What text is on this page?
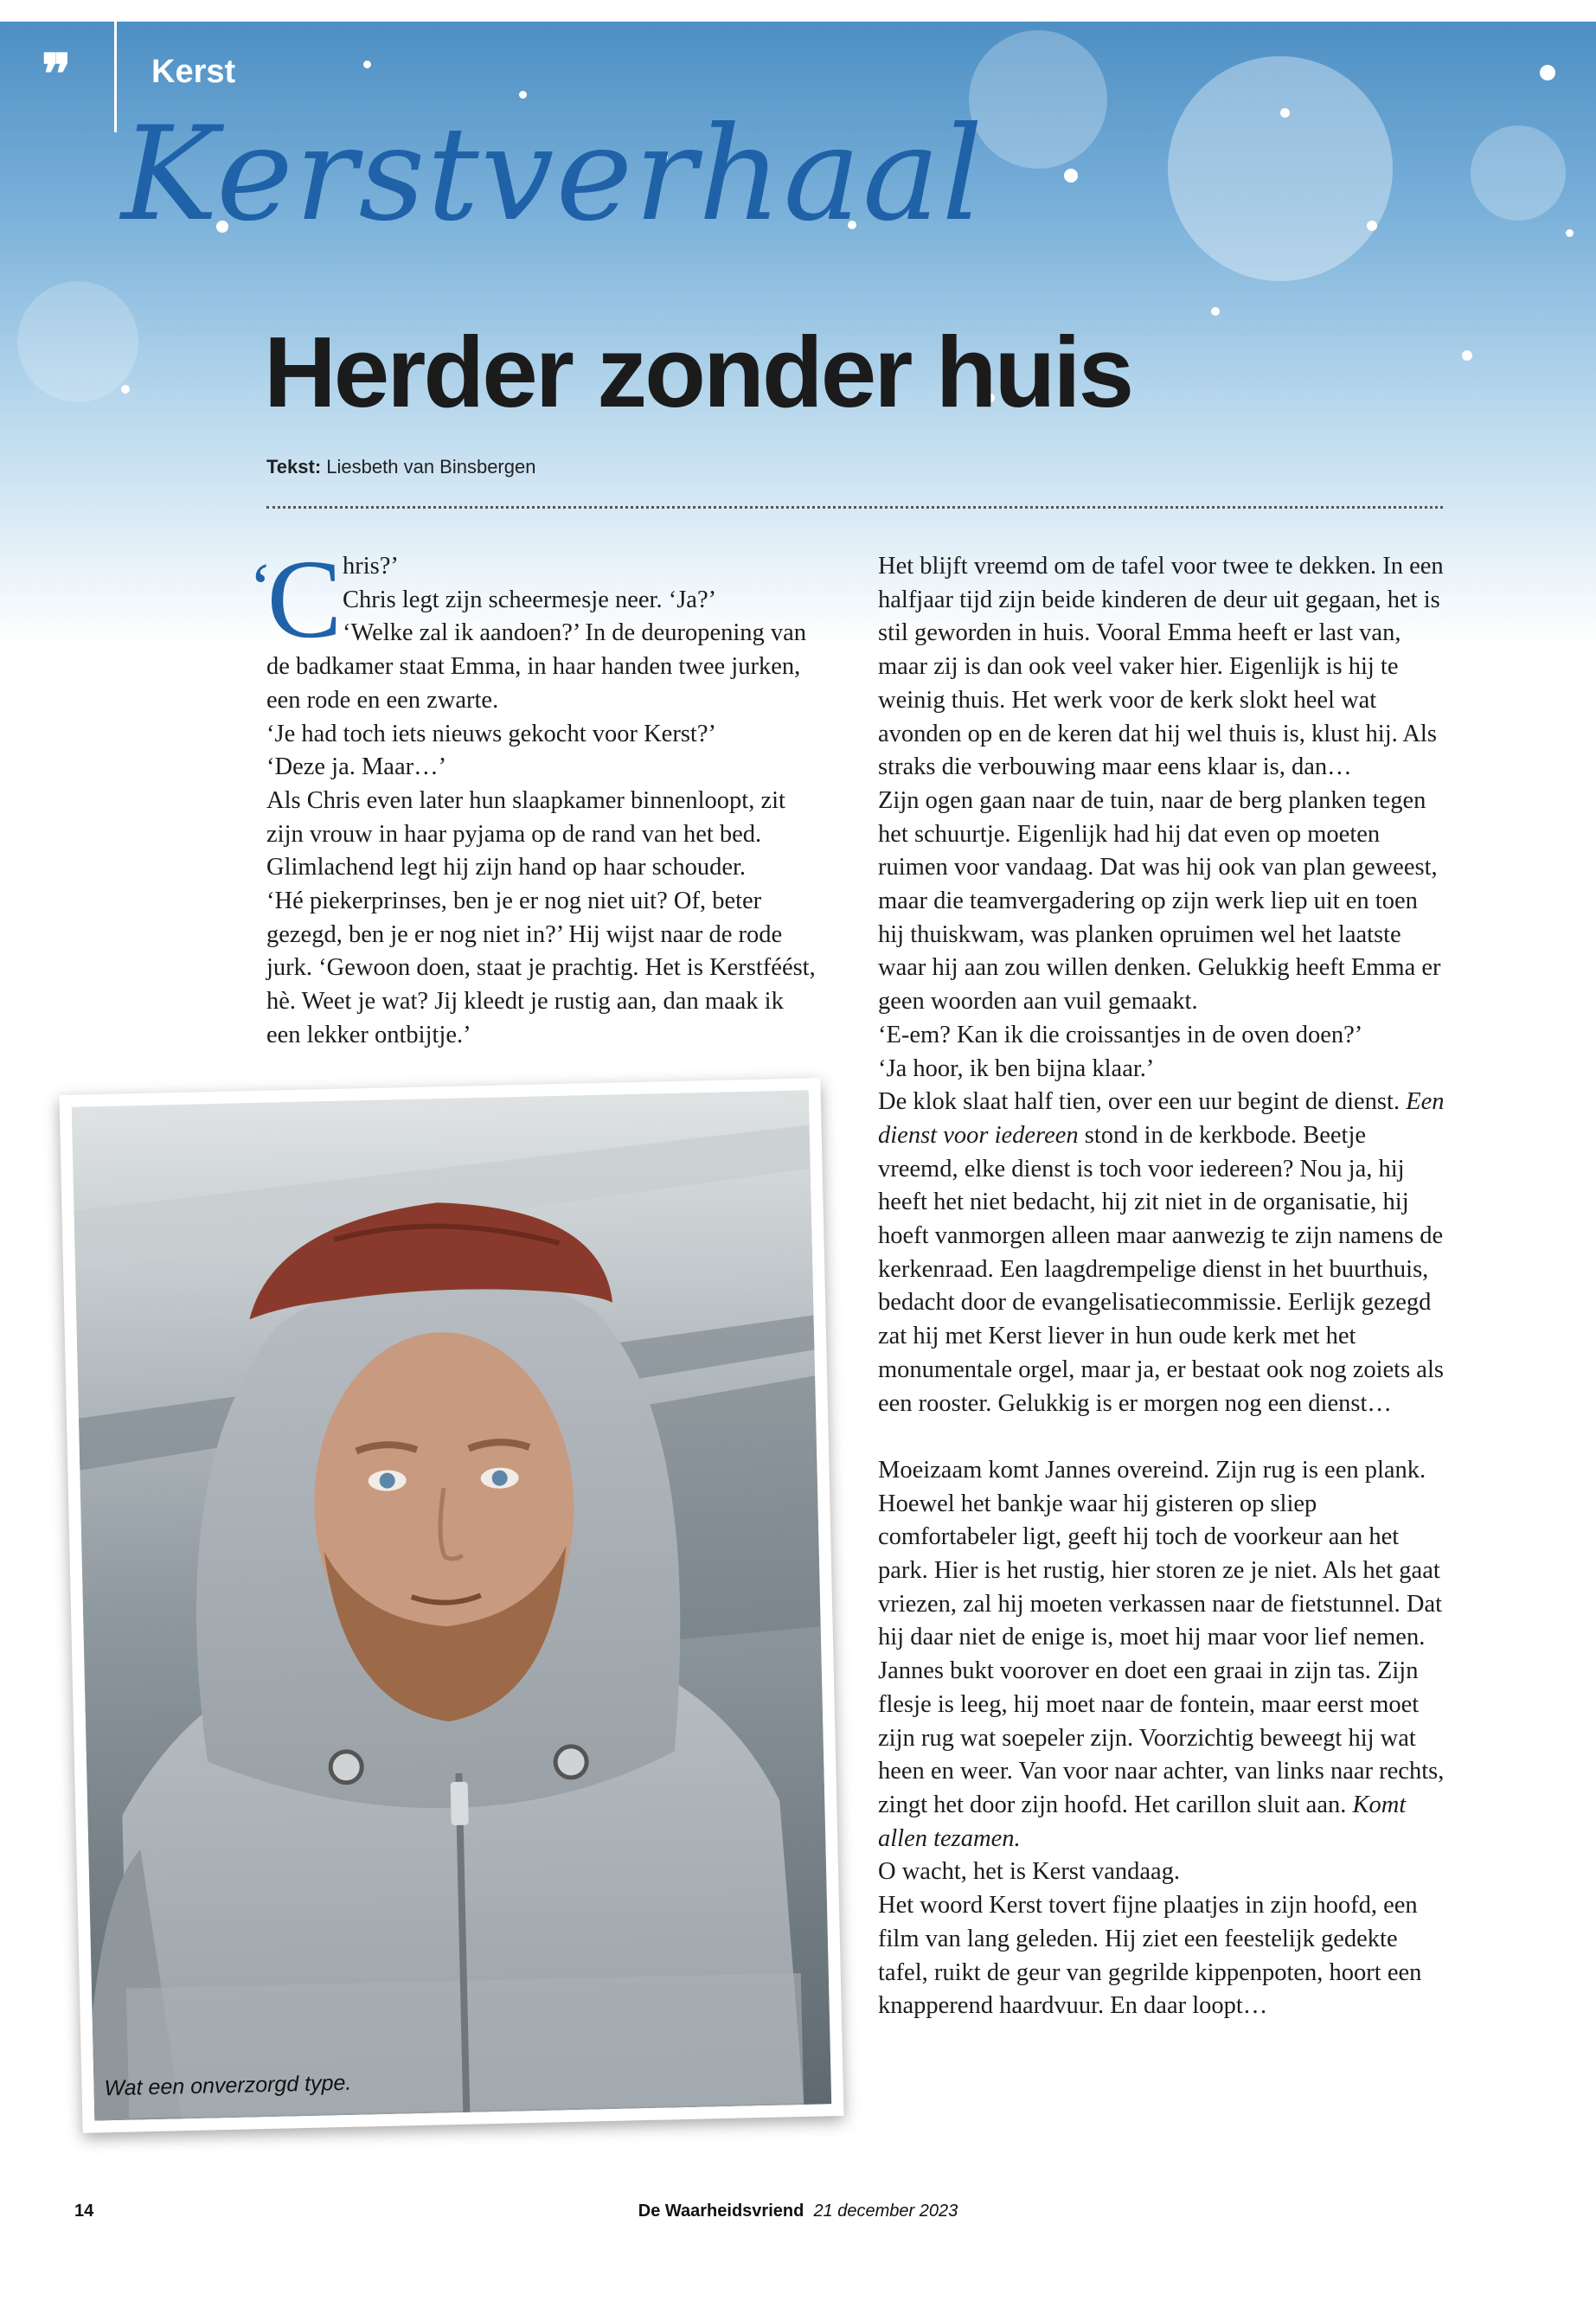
❞ Kerst
Kerstverhaal
Herder zonder huis
Tekst: Liesbeth van Binsbergen
‘C hris?’

Chris legt zijn scheermesje neer. ‘Ja?’

‘Welke zal ik aandoen?’ In de deuropening van de badkamer staat Emma, in haar handen twee jurken, een rode en een zwarte.

‘Je had toch iets nieuws gekocht voor Kerst?’

‘Deze ja. Maar…’

Als Chris even later hun slaapkamer binnenloopt, zit zijn vrouw in haar pyjama op de rand van het bed. Glimlachend legt hij zijn hand op haar schouder.

‘Hé piekerprinses, ben je er nog niet uit? Of, beter gezegd, ben je er nog niet in?’ Hij wijst naar de rode jurk. ‘Gewoon doen, staat je prachtig. Het is Kerstféést, hè. Weet je wat? Jij kleedt je rustig aan, dan maak ik een lekker ontbijtje.’

Het blijft vreemd om de tafel voor twee te dekken. In een halfjaar tijd zijn beide kinderen de deur uit gegaan, het is stil geworden in huis. Vooral Emma heeft er last van, maar zij is dan ook veel vaker hier. Eigenlijk is hij te weinig thuis. Het werk voor de kerk slokt heel wat avonden op en de keren dat hij wel thuis is, klust hij. Als straks die verbouwing maar eens klaar is, dan…

Zijn ogen gaan naar de tuin, naar de berg planken tegen het schuurtje. Eigenlijk had hij dat even op moeten ruimen voor vandaag. Dat was hij ook van plan geweest, maar die teamvergadering op zijn werk liep uit en toen hij thuiskwam, was planken opruimen wel het laatste waar hij aan zou willen denken. Gelukkig heeft Emma er geen woorden aan vuil gemaakt.

‘E-em? Kan ik die croissantjes in de oven doen?’

‘Ja hoor, ik ben bijna klaar.’

De klok slaat half tien, over een uur begint de dienst. Een dienst voor iedereen stond in de kerkbode. Beetje vreemd, elke dienst is toch voor iedereen? Nou ja, hij heeft het niet bedacht, hij zit niet in de organisatie, hij hoeft vanmorgen alleen maar aanwezig te zijn namens de kerkenraad. Een laagdrempelige dienst in het buurthuis, bedacht door de evangelisatiecommissie. Eerlijk gezegd zat hij met Kerst liever in hun oude kerk met het monumentale orgel, maar ja, er bestaat ook nog zoiets als een rooster. Gelukkig is er morgen nog een dienst…

Moeizaam komt Jannes overeind. Zijn rug is een plank. Hoewel het bankje waar hij gisteren op sliep comfortabeler ligt, geeft hij toch de voorkeur aan het park. Hier is het rustig, hier storen ze je niet. Als het gaat vriezen, zal hij moeten verkassen naar de fietstunnel. Dat hij daar niet de enige is, moet hij maar voor lief nemen. Jannes bukt voorover en doet een graai in zijn tas. Zijn flesje is leeg, hij moet naar de fontein, maar eerst moet zijn rug wat soepeler zijn. Voorzichtig beweegt hij wat heen en weer. Van voor naar achter, van links naar rechts, zingt het door zijn hoofd. Het carillon sluit aan. Komt allen tezamen.

O wacht, het is Kerst vandaag.

Het woord Kerst tovert fijne plaatjes in zijn hoofd, een film van lang geleden. Hij ziet een feestelijk gedekte tafel, ruikt de geur van gegrilde kippenpoten, hoort een knapperend haardvuur. En daar loopt…

Wat een onverzorgd type.
14	De Waarheidsvriend 21 december 2023
